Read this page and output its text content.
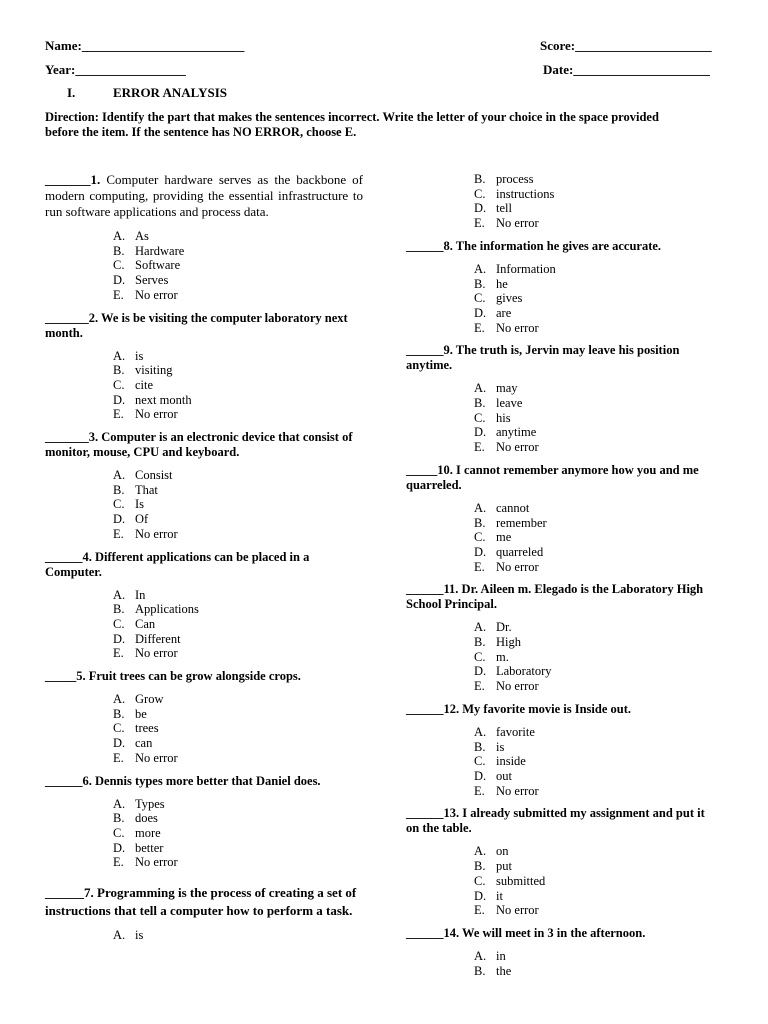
Name:_________________________	Score:_____________________
Year:_________________	Date:_____________________
I.	ERROR ANALYSIS
Direction: Identify the part that makes the sentences incorrect. Write the letter of your choice in the space provided before the item. If the sentence has NO ERROR, choose E.
_______1. Computer hardware serves as the backbone of modern computing, providing the essential infrastructure to run software applications and process data.
A. As
B. Hardware
C. Software
D. Serves
E. No error
_______2. We is be visiting the computer laboratory next month.
A. is
B. visiting
C. cite
D. next month
E. No error
_______3. Computer is an electronic device that consist of monitor, mouse, CPU and keyboard.
A. Consist
B. That
C. Is
D. Of
E. No error
______4. Different applications can be placed in a Computer.
A. In
B. Applications
C. Can
D. Different
E. No error
_____5. Fruit trees can be grow alongside crops.
A. Grow
B. be
C. trees
D. can
E. No error
______6. Dennis types more better that Daniel does.
A. Types
B. does
C. more
D. better
E. No error
______7. Programming is the process of creating a set of instructions that tell a computer how to perform a task.
A. is
B. process
C. instructions
D. tell
E. No error
______8. The information he gives are accurate.
A. Information
B. he
C. gives
D. are
E. No error
______9. The truth is, Jervin may leave his position anytime.
A. may
B. leave
C. his
D. anytime
E. No error
_____10. I cannot remember anymore how you and me quarreled.
A. cannot
B. remember
C. me
D. quarreled
E. No error
______11. Dr. Aileen m. Elegado is the Laboratory High School Principal.
A. Dr.
B. High
C. m.
D. Laboratory
E. No error
______12. My favorite movie is Inside out.
A. favorite
B. is
C. inside
D. out
E. No error
______13. I already submitted my assignment and put it on the table.
A. on
B. put
C. submitted
D. it
E. No error
______14. We will meet in 3 in the afternoon.
A. in
B. the
